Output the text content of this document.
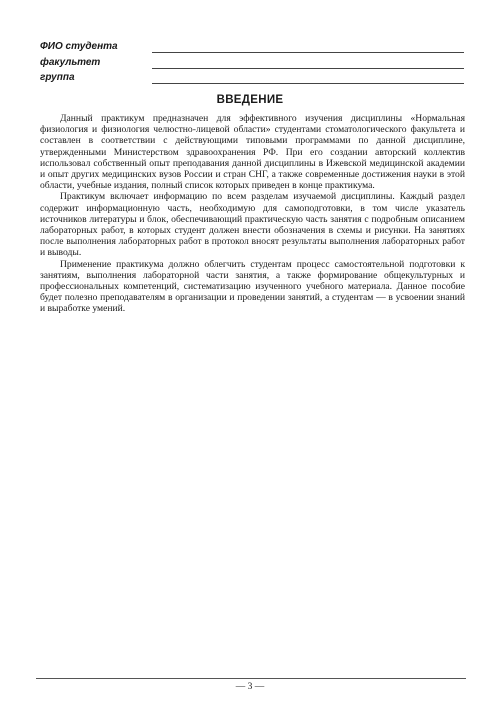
ФИО студента
факультет
группа
ВВЕДЕНИЕ

Данный практикум предназначен для эффективного изучения дисциплины «Нормальная физиология и физиология челюстно-лицевой области» студентами стоматологического факультета и составлен в соответствии с действующими типовыми программами по данной дисциплине, утвержденными Министерством здравоохранения РФ. При его создании авторский коллектив использовал собственный опыт преподавания данной дисциплины в Ижевской медицинской академии и опыт других медицинских вузов России и стран СНГ, а также современные достижения науки в этой области, учебные издания, полный список которых приведен в конце практикума.

Практикум включает информацию по всем разделам изучаемой дисциплины. Каждый раздел содержит информационную часть, необходимую для самоподготовки, в том числе указатель источников литературы и блок, обеспечивающий практическую часть занятия с подробным описанием лабораторных работ, в которых студент должен внести обозначения в схемы и рисунки. На занятиях после выполнения лабораторных работ в протокол вносят результаты выполнения лабораторных работ и выводы.

Применение практикума должно облегчить студентам процесс самостоятельной подготовки к занятиям, выполнения лабораторной части занятия, а также формирование общекультурных и профессиональных компетенций, систематизацию изученного учебного материала. Данное пособие будет полезно преподавателям в организации и проведении занятий, а студентам — в усвоении знаний и выработке умений.

— 3 —
